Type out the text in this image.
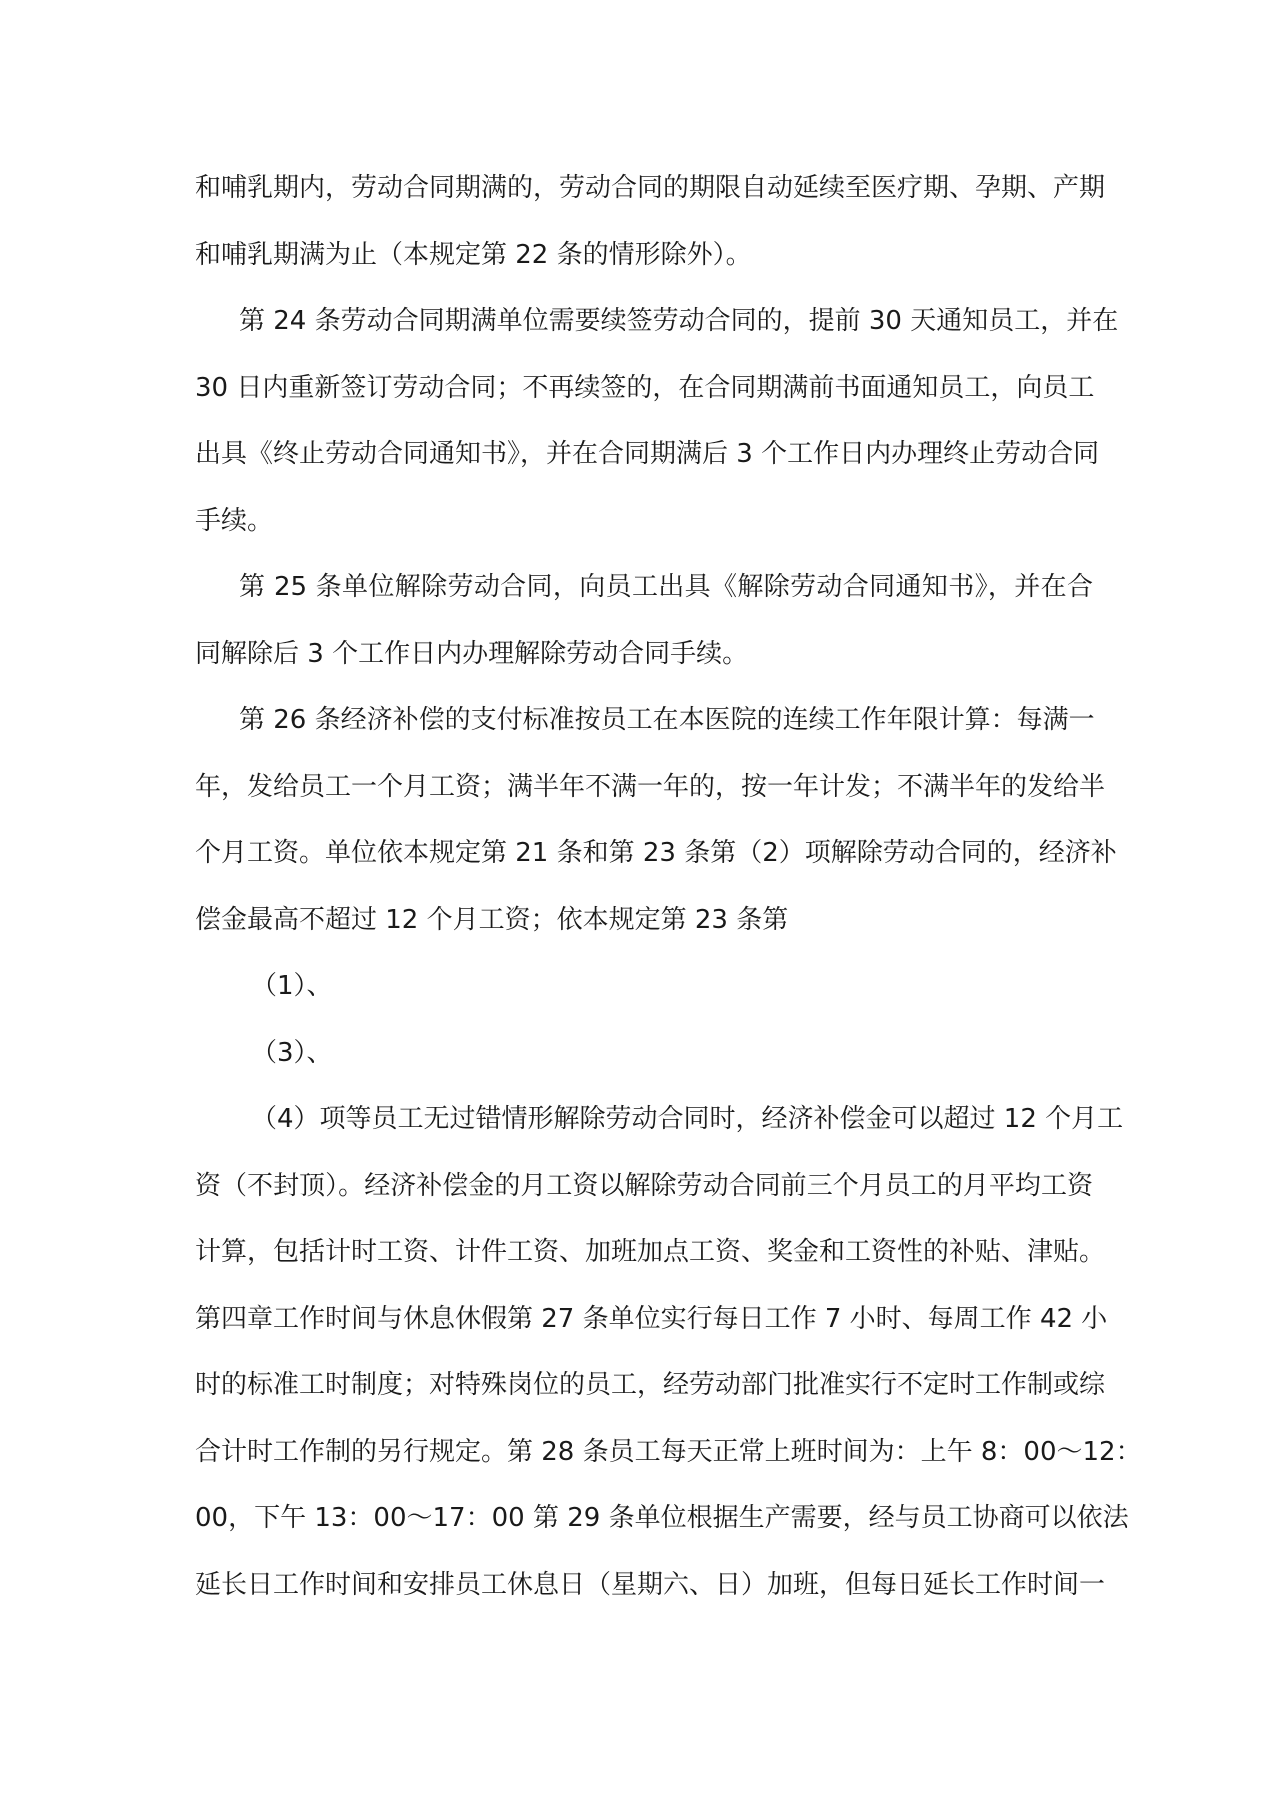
和哺乳期内，劳动合同期满的，劳动合同的期限自动延续至医疗期、孕期、产期
和哺乳期满为止（本规定第 22 条的情形除外）。
第 24 条劳动合同期满单位需要续签劳动合同的，提前 30 天通知员工，并在
30 日内重新签订劳动合同；不再续签的，在合同期满前书面通知员工，向员工
出具《终止劳动合同通知书》，并在合同期满后 3 个工作日内办理终止劳动合同
手续。
第 25 条单位解除劳动合同，向员工出具《解除劳动合同通知书》，并在合
同解除后 3 个工作日内办理解除劳动合同手续。
第 26 条经济补偿的支付标准按员工在本医院的连续工作年限计算：每满一
年，发给员工一个月工资；满半年不满一年的，按一年计发；不满半年的发给半
个月工资。单位依本规定第 21 条和第 23 条第（2）项解除劳动合同的，经济补
偿金最高不超过 12 个月工资；依本规定第 23 条第
（1）、
（3）、
（4）项等员工无过错情形解除劳动合同时，经济补偿金可以超过 12 个月工
资（不封顶）。经济补偿金的月工资以解除劳动合同前三个月员工的月平均工资
计算，包括计时工资、计件工资、加班加点工资、奖金和工资性的补贴、津贴。
第四章工作时间与休息休假第 27 条单位实行每日工作 7 小时、每周工作 42 小
时的标准工时制度；对特殊岗位的员工，经劳动部门批准实行不定时工作制或综
合计时工作制的另行规定。第 28 条员工每天正常上班时间为：上午 8：00～12：
00，下午 13：00～17：00 第 29 条单位根据生产需要，经与员工协商可以依法
延长日工作时间和安排员工休息日（星期六、日）加班，但每日延长工作时间一
